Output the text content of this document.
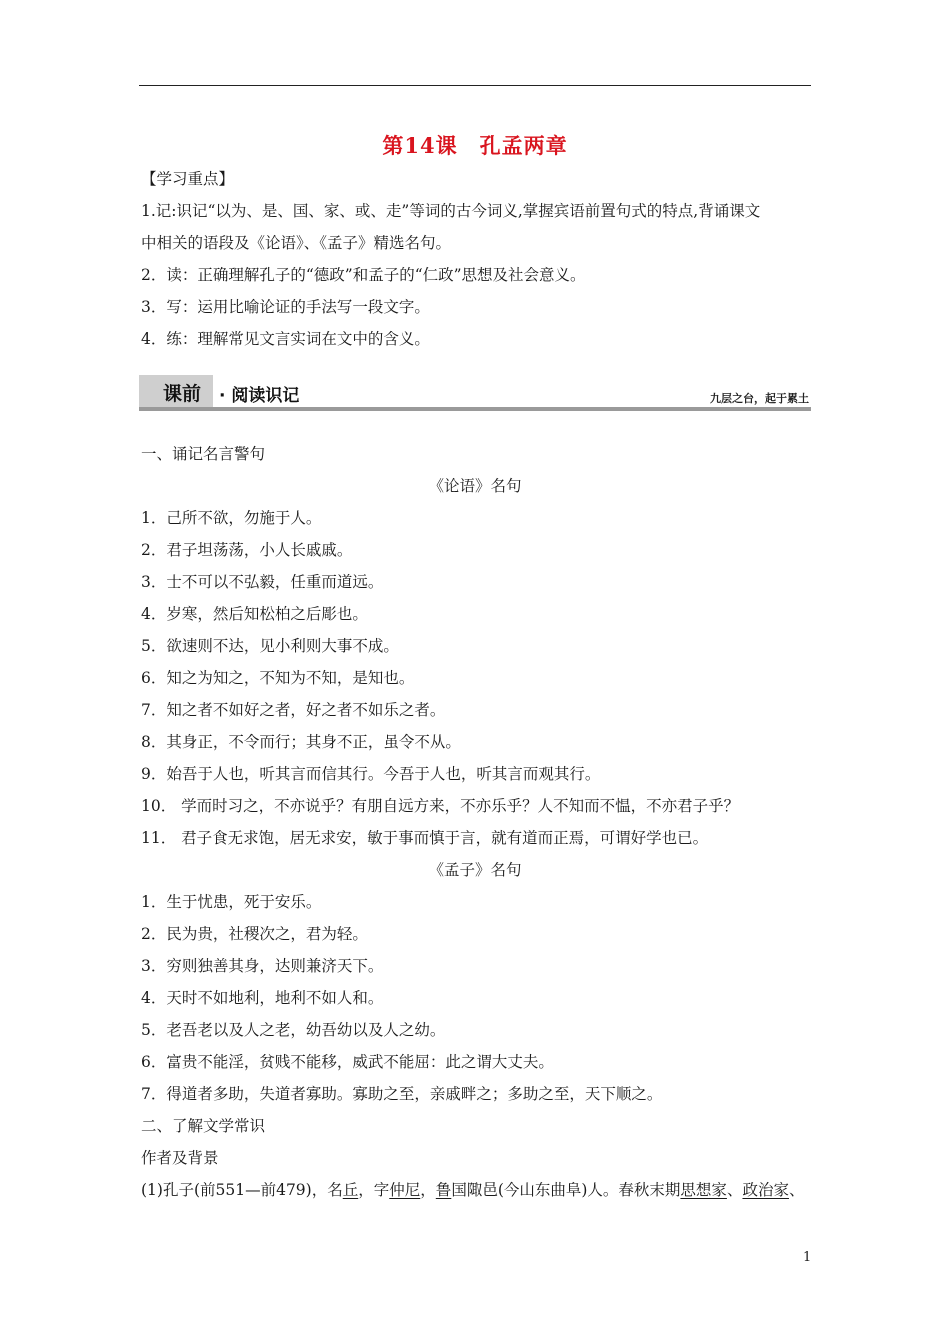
第14课 孔孟两章
【学习重点】
1.记:识记“以为、是、国、家、或、走”等词的古今词义,掌握宾语前置句式的特点,背诵课文
中相关的语段及《论语》、《孟子》精选名句。
2．读：正确理解孔子的“德政”和孟子的“仁政”思想及社会意义。
3．写：运用比喻论证的手法写一段文字。
4．练：理解常见文言实词在文中的含义。
课前 · 阅读识记	九层之台，起于累土
一、诵记名言警句
《论语》名句
1．己所不欲，勿施于人。
2．君子坦荡荡，小人长戚戚。
3．士不可以不弘毅，任重而道远。
4．岁寒，然后知松柏之后彫也。
5．欲速则不达，见小利则大事不成。
6．知之为知之，不知为不知，是知也。
7．知之者不如好之者，好之者不如乐之者。
8．其身正，不令而行；其身不正，虽令不从。
9．始吾于人也，听其言而信其行。今吾于人也，听其言而观其行。
10． 学而时习之，不亦说乎？有朋自远方来，不亦乐乎？人不知而不愠，不亦君子乎？
11． 君子食无求饱，居无求安，敏于事而慎于言，就有道而正焉，可谓好学也已。
《孟子》名句
1．生于忧患，死于安乐。
2．民为贵，社稷次之，君为轻。
3．穷则独善其身，达则兼济天下。
4．天时不如地利，地利不如人和。
5．老吾老以及人之老，幼吾幼以及人之幼。
6．富贵不能淫，贫贱不能移，威武不能屈：此之谓大丈夫。
7．得道者多助，失道者寡助。寡助之至，亲戚畔之；多助之至，天下顺之。
二、了解文学常识
作者及背景
(1)孔子(前551—前479)，名丘，字仲尼，鲁国陬邑(今山东曲阜)人。春秋末期思想家、政治家、
1
